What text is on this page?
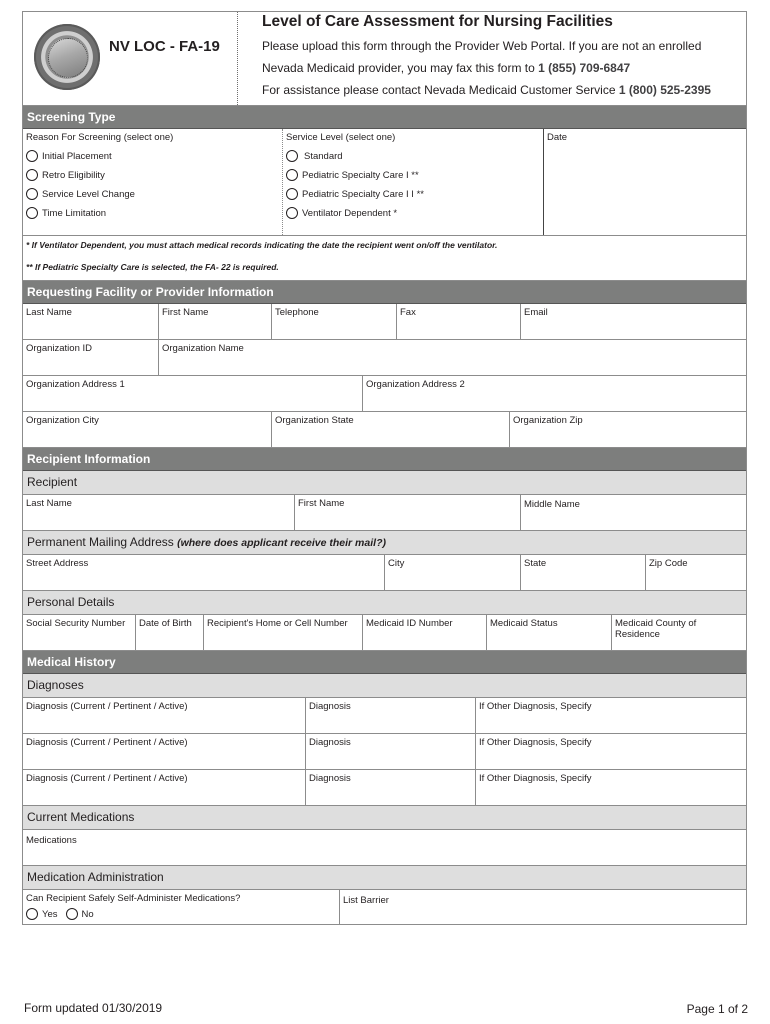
NV LOC - FA-19
Level of Care Assessment for Nursing Facilities
Please upload this form through the Provider Web Portal. If you are not an enrolled
Nevada Medicaid provider, you may fax this form to 1 (855) 709-6847
For assistance please contact Nevada Medicaid Customer Service 1 (800) 525-2395
Screening Type
Reason For Screening (select one)
Initial Placement
Retro Eligibility
Service Level Change
Time Limitation
Service Level (select one)
Standard
Pediatric Specialty Care I **
Pediatric Specialty Care I I **
Ventilator Dependent *
Date
* If Ventilator Dependent, you must attach medical records indicating the date the recipient went on/off the ventilator.
** If Pediatric Specialty Care is selected, the FA- 22 is required.
Requesting Facility or Provider Information
Last Name	First Name	Telephone	Fax	Email
Organization ID	Organization Name
Organization Address 1	Organization Address 2
Organization City	Organization State	Organization Zip
Recipient Information
Recipient
Last Name	First Name	Middle Name
Permanent Mailing Address (where does applicant receive their mail?)
Street Address	City	State	Zip Code
Personal Details
Social Security Number	Date of Birth	Recipient's Home or Cell Number	Medicaid ID Number	Medicaid Status	Medicaid County of Residence
Medical History
Diagnoses
Diagnosis (Current / Pertinent / Active)	Diagnosis	If Other Diagnosis, Specify
Diagnosis (Current / Pertinent / Active)	Diagnosis	If Other Diagnosis, Specify
Diagnosis (Current / Pertinent / Active)	Diagnosis	If Other Diagnosis, Specify
Current Medications
Medications
Medication Administration
Can Recipient Safely Self-Administer Medications?
Yes	No
List Barrier
Form updated 01/30/2019	Page 1 of 2
